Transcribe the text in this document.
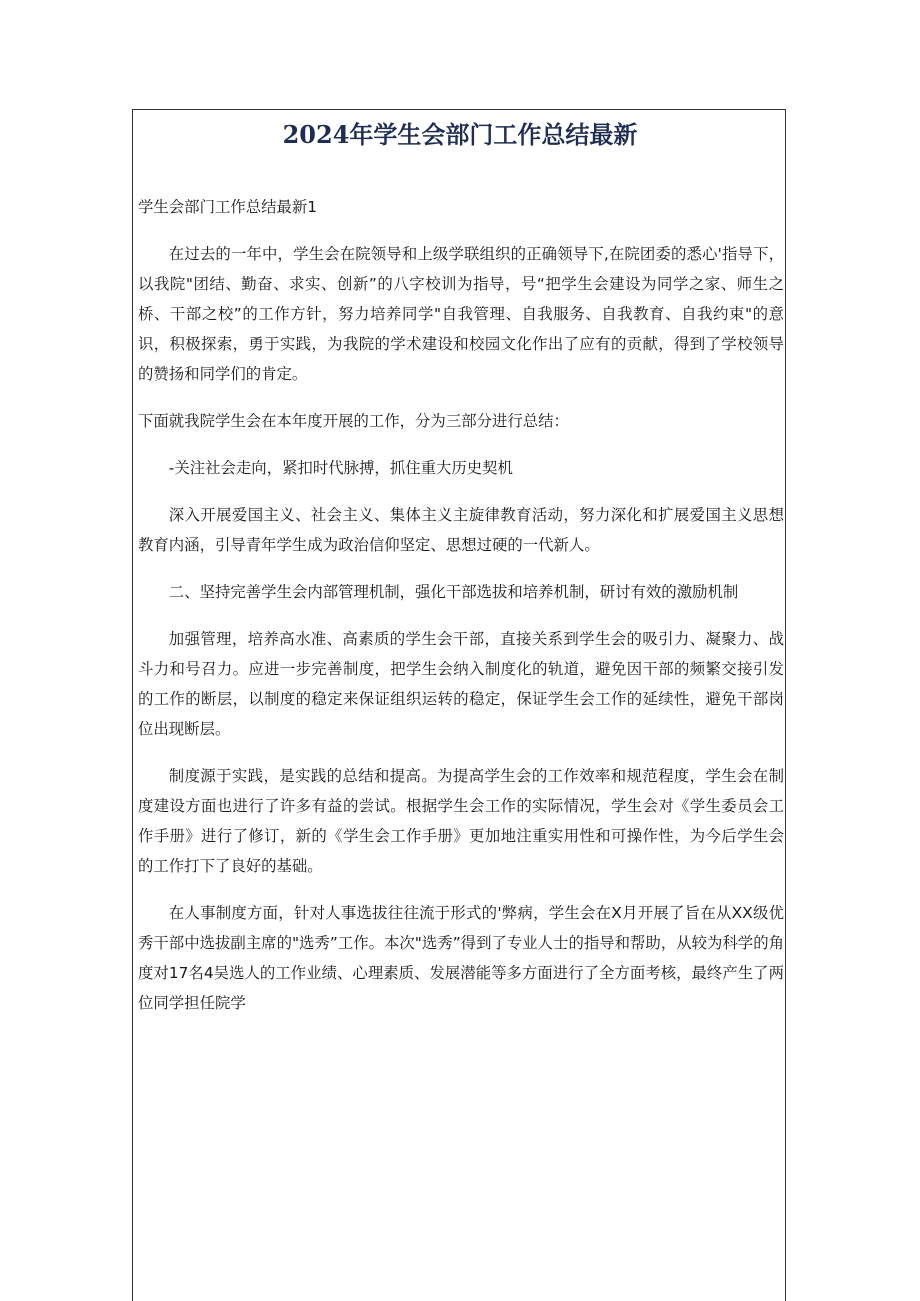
2024年学生会部门工作总结最新

学生会部门工作总结最新1

在过去的一年中，学生会在院领导和上级学联组织的正确领导下,在院团委的悉心'指导下，以我院"团结、勤奋、求实、创新”的八字校训为指导，号“把学生会建设为同学之家、师生之桥、干部之校”的工作方针，努力培养同学"自我管理、自我服务、自我教育、自我约束"的意识，积极探索，勇于实践，为我院的学术建设和校园文化作出了应有的贡献，得到了学校领导的赞扬和同学们的肯定。

下面就我院学生会在本年度开展的工作，分为三部分进行总结：

-关注社会走向，紧扣时代脉搏，抓住重大历史契机

深入开展爱国主义、社会主义、集体主义主旋律教育活动，努力深化和扩展爱国主义思想教育内涵，引导青年学生成为政治信仰坚定、思想过硬的一代新人。

二、坚持完善学生会内部管理机制，强化干部选拔和培养机制，研讨有效的激励机制

加强管理，培养高水准、高素质的学生会干部，直接关系到学生会的吸引力、凝聚力、战斗力和号召力。应进一步完善制度，把学生会纳入制度化的轨道，避免因干部的频繁交接引发的工作的断层，以制度的稳定来保证组织运转的稳定，保证学生会工作的延续性，避免干部岗位出现断层。

制度源于实践，是实践的总结和提高。为提高学生会的工作效率和规范程度，学生会在制度建设方面也进行了许多有益的尝试。根据学生会工作的实际情况，学生会对《学生委员会工作手册》进行了修订，新的《学生会工作手册》更加地注重实用性和可操作性，为今后学生会的工作打下了良好的基础。

在人事制度方面，针对人事选拔往往流于形式的'弊病，学生会在X月开展了旨在从XX级优秀干部中选拔副主席的"选秀”工作。本次"选秀”得到了专业人士的指导和帮助，从较为科学的角度对17名4吴选人的工作业绩、心理素质、发展潜能等多方面进行了全方面考核，最终产生了两位同学担任院学
